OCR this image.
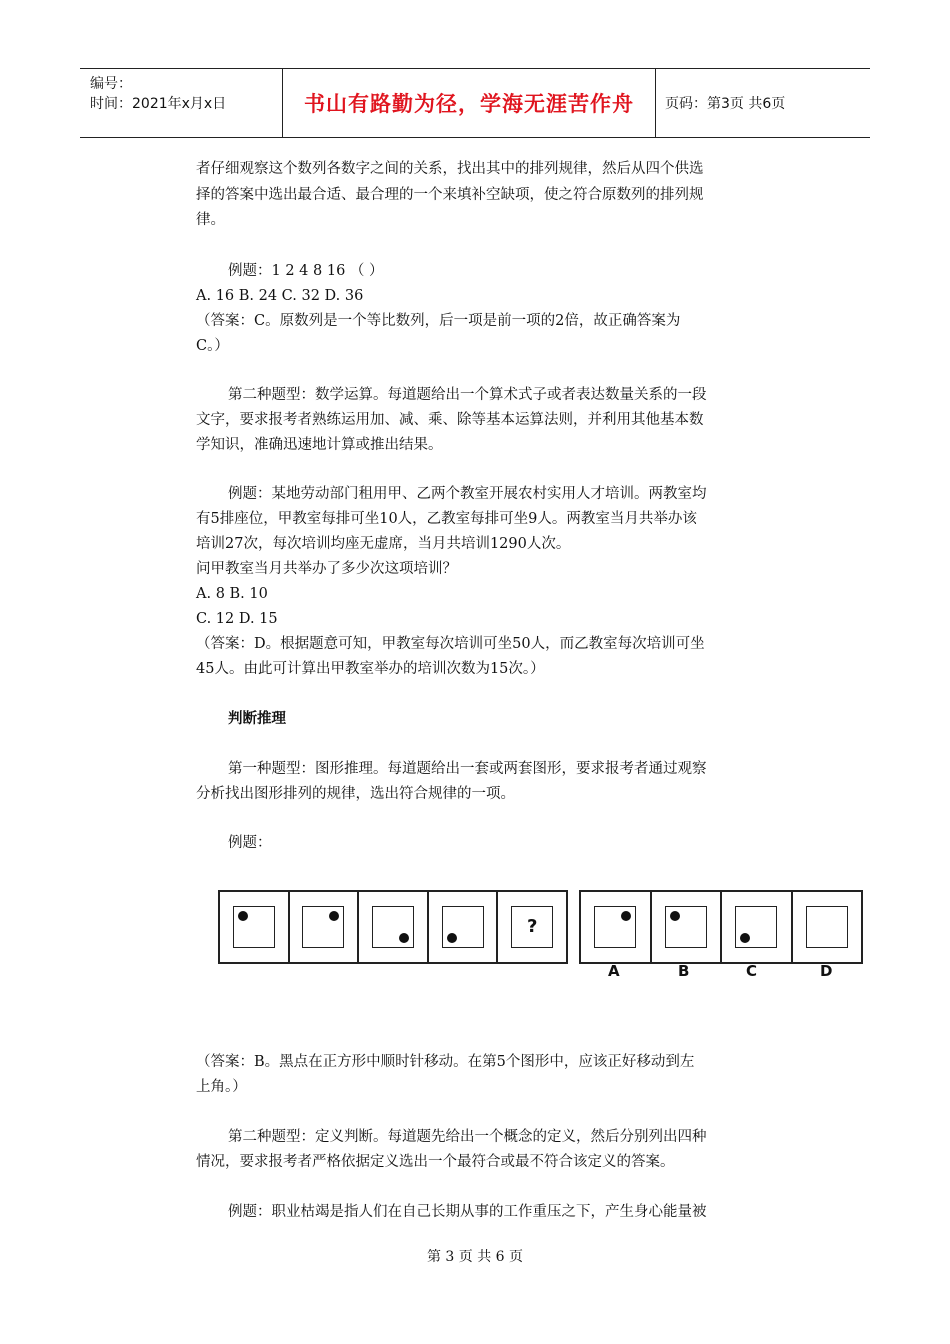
编号：
时间：2021年x月x日	书山有路勤为径，学海无涯苦作舟	页码：第3页 共6页
者仔细观察这个数列各数字之间的关系，找出其中的排列规律，然后从四个供选
择的答案中选出最合适、最合理的一个来填补空缺项，使之符合原数列的排列规
律。
例题：1 2 4 8 16 （ ）
A. 16 B. 24 C. 32 D. 36
（答案：C。原数列是一个等比数列，后一项是前一项的2倍，故正确答案为
C。）
第二种题型：数学运算。每道题给出一个算术式子或者表达数量关系的一段
文字，要求报考者熟练运用加、减、乘、除等基本运算法则，并利用其他基本数
学知识，准确迅速地计算或推出结果。
例题：某地劳动部门租用甲、乙两个教室开展农村实用人才培训。两教室均
有5排座位，甲教室每排可坐10人，乙教室每排可坐9人。两教室当月共举办该
培训27次，每次培训均座无虚席，当月共培训1290人次。
问甲教室当月共举办了多少次这项培训？
A. 8 B. 10
C. 12 D. 15
（答案：D。根据题意可知，甲教室每次培训可坐50人，而乙教室每次培训可坐
45人。由此可计算出甲教室举办的培训次数为15次。）
判断推理
第一种题型：图形推理。每道题给出一套或两套图形，要求报考者通过观察
分析找出图形排列的规律，选出符合规律的一项。
例题：
?
A	B	C	D
（答案：B。黑点在正方形中顺时针移动。在第5个图形中，应该正好移动到左
上角。）
第二种题型：定义判断。每道题先给出一个概念的定义，然后分别列出四种
情况，要求报考者严格依据定义选出一个最符合或最不符合该定义的答案。
例题：职业枯竭是指人们在自己长期从事的工作重压之下，产生身心能量被
第 3 页 共 6 页
